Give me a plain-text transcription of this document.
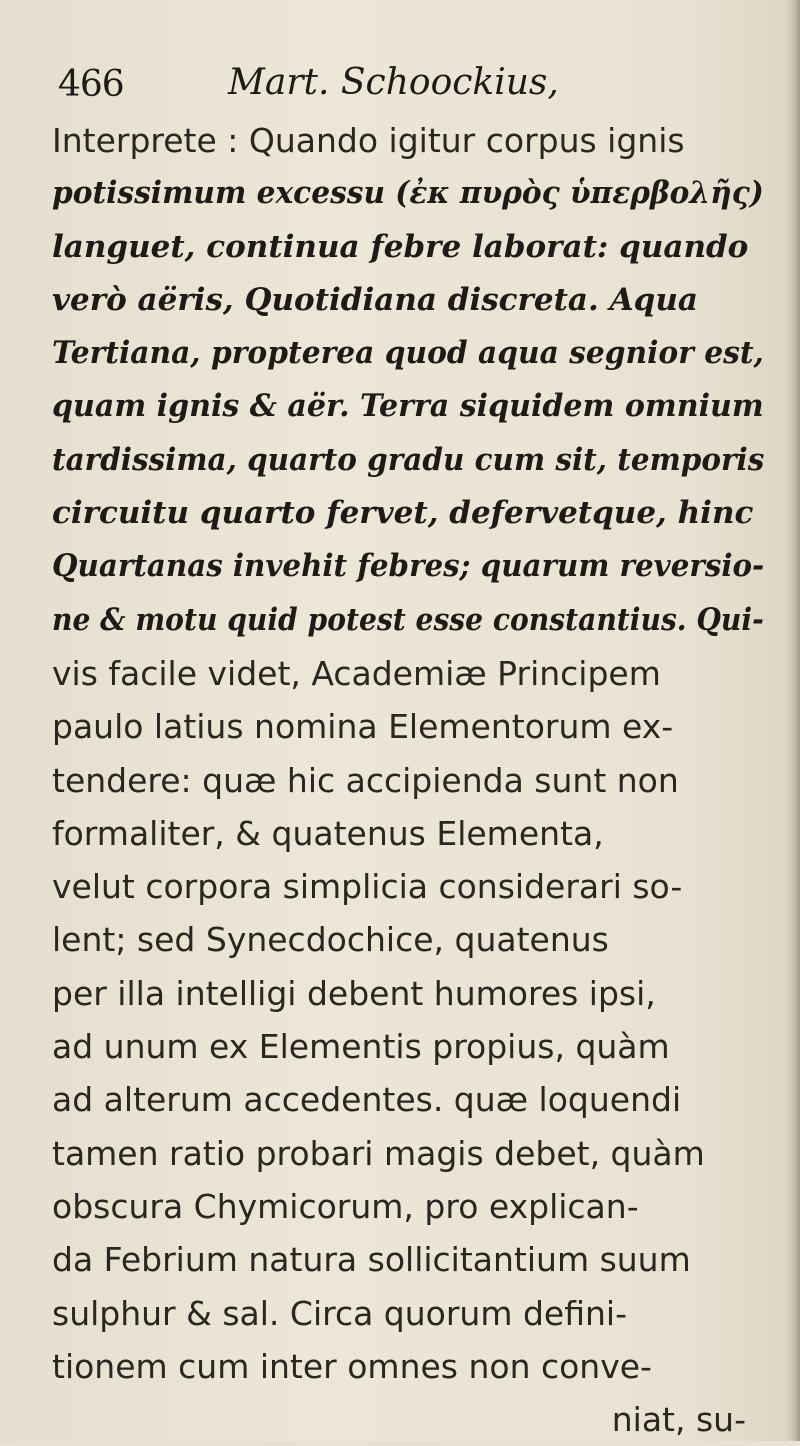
466	Mart. Schoockius,
Interprete : Quando igitur corpus ignis
potissimum excessu (ἐκ πυρὸς ὑπερβολῆς)
languet, continua febre laborat: quando
verò aëris, Quotidiana discreta. Aqua
Tertiana, propterea quod aqua segnior est,
quam ignis & aër. Terra siquidem omnium
tardissima, quarto gradu cum sit, temporis
circuitu quarto fervet, defervetque, hinc
Quartanas invehit febres; quarum reversio-
ne & motu quid potest esse constantius. Qui-
vis facile videt, Academiæ Principem
paulo latius nomina Elementorum ex-
tendere: quæ hic accipienda sunt non
formaliter, & quatenus Elementa,
velut corpora simplicia considerari so-
lent; sed Synecdochice, quatenus
per illa intelligi debent humores ipsi,
ad unum ex Elementis propius, quàm
ad alterum accedentes. quæ loquendi
tamen ratio probari magis debet, quàm
obscura Chymicorum, pro explican-
da Febrium natura sollicitantium suum
sulphur & sal. Circa quorum defini-
tionem cum inter omnes non conve-
niat, su-
